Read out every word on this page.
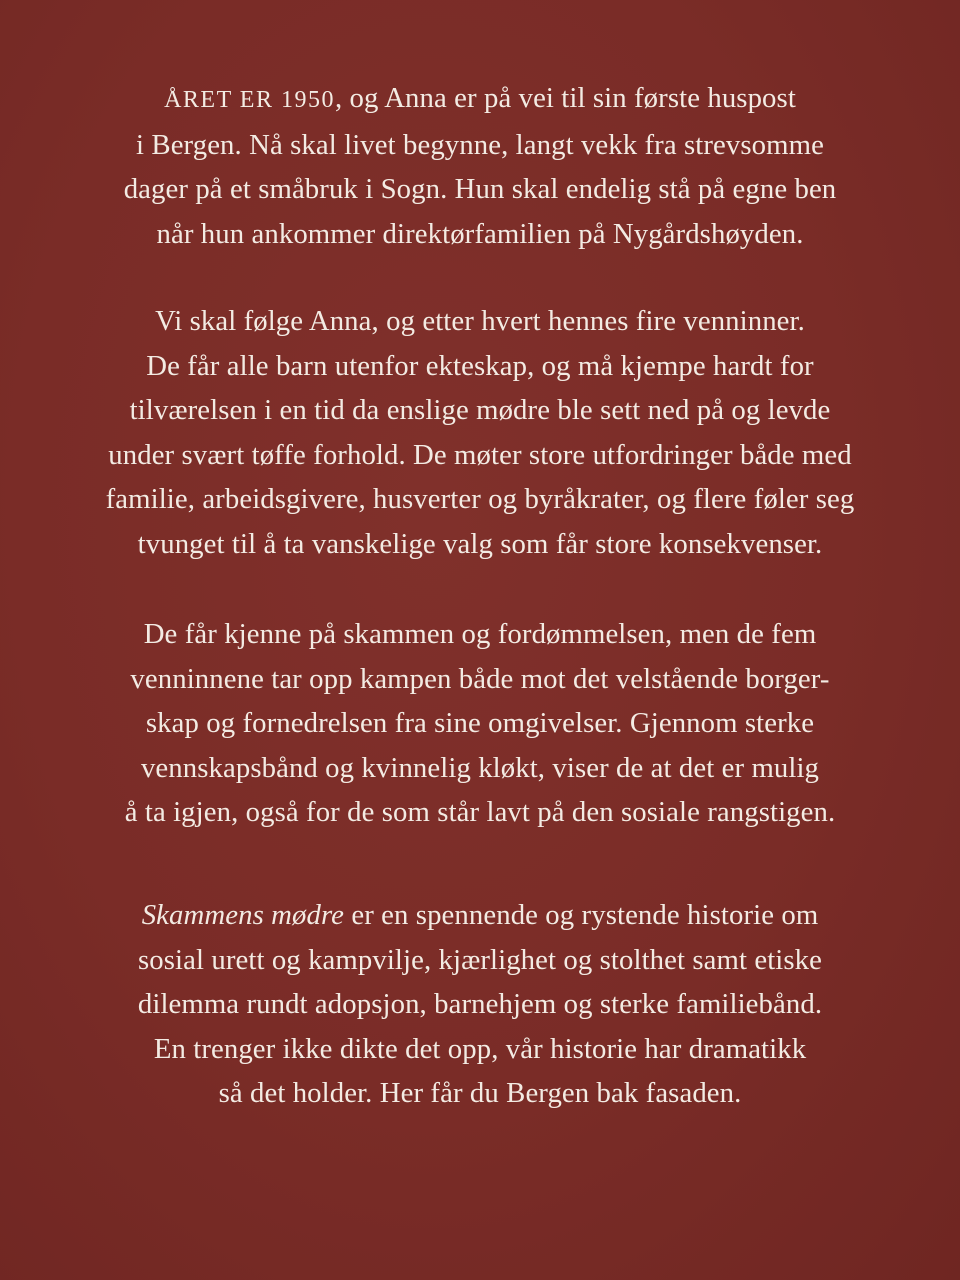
ÅRET ER 1950, og Anna er på vei til sin første huspost
i Bergen. Nå skal livet begynne, langt vekk fra strevsomme
dager på et småbruk i Sogn. Hun skal endelig stå på egne ben
når hun ankommer direktørfamilien på Nygårdshøyden.

Vi skal følge Anna, og etter hvert hennes fire venninner.
De får alle barn utenfor ekteskap, og må kjempe hardt for
tilværelsen i en tid da enslige mødre ble sett ned på og levde
under svært tøffe forhold. De møter store utfordringer både med
familie, arbeidsgivere, husverter og byråkrater, og flere føler seg
tvunget til å ta vanskelige valg som får store konsekvenser.

De får kjenne på skammen og fordømmelsen, men de fem
venninnene tar opp kampen både mot det velstående borger-
skap og fornedrelsen fra sine omgivelser. Gjennom sterke
vennskapsbånd og kvinnelig kløkt, viser de at det er mulig
å ta igjen, også for de som står lavt på den sosiale rangstigen.

Skammens mødre er en spennende og rystende historie om
sosial urett og kampvilje, kjærlighet og stolthet samt etiske
dilemma rundt adopsjon, barnehjem og sterke familiebånd.
En trenger ikke dikte det opp, vår historie har dramatikk
så det holder. Her får du Bergen bak fasaden.
